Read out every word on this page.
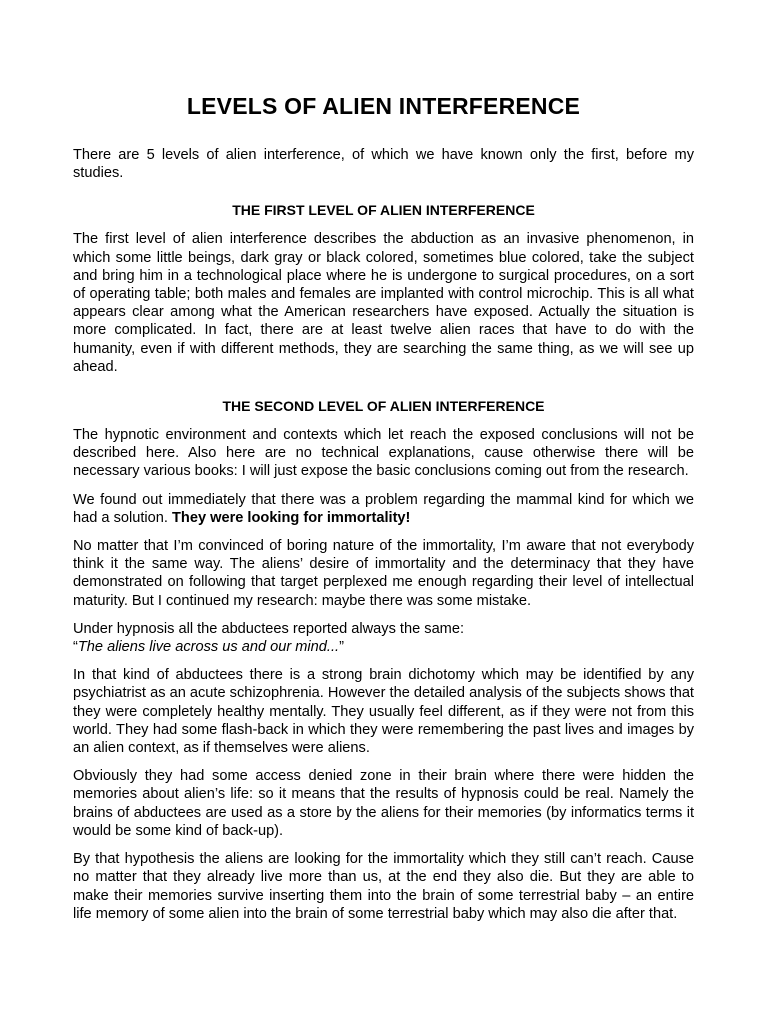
LEVELS OF ALIEN INTERFERENCE

There are 5 levels of alien interference, of which we have known only the first, before my studies.

THE FIRST LEVEL OF ALIEN INTERFERENCE

The first level of alien interference describes the abduction as an invasive phenomenon, in which some little beings, dark gray or black colored, sometimes blue colored, take the subject and bring him in a technological place where he is undergone to surgical procedures, on a sort of operating table; both males and females are implanted with control microchip. This is all what appears clear among what the American researchers have exposed. Actually the situation is more complicated. In fact, there are at least twelve alien races that have to do with the humanity, even if with different methods, they are searching the same thing, as we will see up ahead.

THE SECOND LEVEL OF ALIEN INTERFERENCE

The hypnotic environment and contexts which let reach the exposed conclusions will not be described here. Also here are no technical explanations, cause otherwise there will be necessary various books: I will just expose the basic conclusions coming out from the research.

We found out immediately that there was a problem regarding the mammal kind for which we had a solution. They were looking for immortality!

No matter that I’m convinced of boring nature of the immortality, I’m aware that not everybody think it the same way. The aliens’ desire of immortality and the determinacy that they have demonstrated on following that target perplexed me enough regarding their level of intellectual maturity. But I continued my research: maybe there was some mistake.

Under hypnosis all the abductees reported always the same:
“The aliens live across us and our mind...”

In that kind of abductees there is a strong brain dichotomy which may be identified by any psychiatrist as an acute schizophrenia. However the detailed analysis of the subjects shows that they were completely healthy mentally. They usually feel different, as if they were not from this world. They had some flash-back in which they were remembering the past lives and images by an alien context, as if themselves were aliens.

Obviously they had some access denied zone in their brain where there were hidden the memories about alien’s life: so it means that the results of hypnosis could be real. Namely the brains of abductees are used as a store by the aliens for their memories (by informatics terms it would be some kind of back-up).

By that hypothesis the aliens are looking for the immortality which they still can’t reach. Cause no matter that they already live more than us, at the end they also die. But they are able to make their memories survive inserting them into the brain of some terrestrial baby – an entire life memory of some alien into the brain of some terrestrial baby which may also die after that.
